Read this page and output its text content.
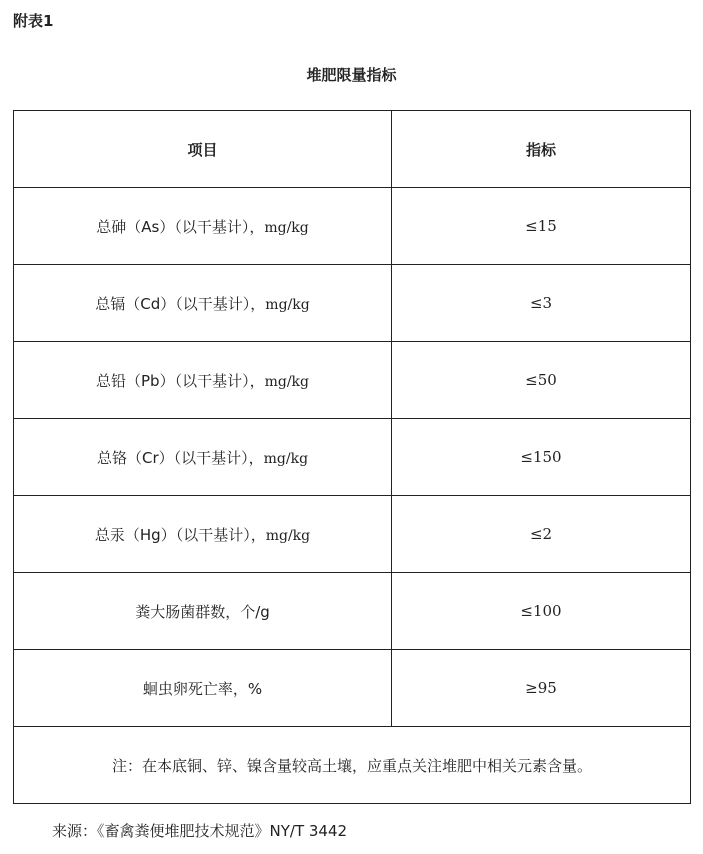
附表1
堆肥限量指标
项目	指标
总砷（As）（以干基计），mg/kg	≤15
总镉（Cd）（以干基计），mg/kg	≤3
总铅（Pb）（以干基计），mg/kg	≤50
总铬（Cr）（以干基计），mg/kg	≤150
总汞（Hg）（以干基计），mg/kg	≤2
粪大肠菌群数，个/g	≤100
蛔虫卵死亡率，%	≥95
注：在本底铜、锌、镍含量较高土壤，应重点关注堆肥中相关元素含量。	
来源：《畜禽粪便堆肥技术规范》NY/T 3442
